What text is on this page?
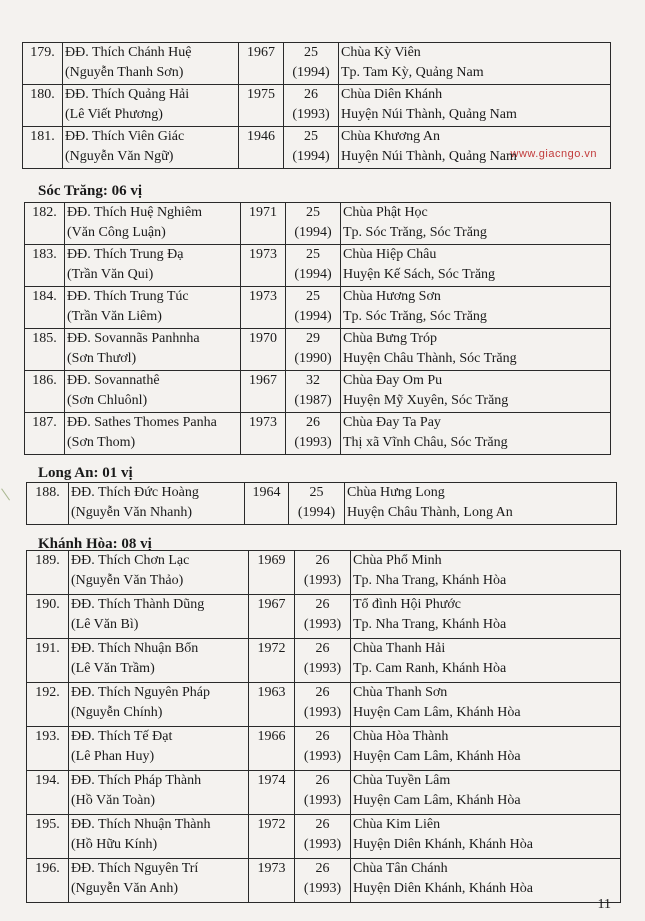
www.giacngo.vn
179.	ĐĐ. Thích Chánh Huệ
(Nguyễn Thanh Sơn)	1967	25
(1994)	Chùa Kỳ Viên
Tp. Tam Kỳ, Quảng Nam

180.	ĐĐ. Thích Quảng Hải
(Lê Viết Phương)	1975	26
(1993)	Chùa Diên Khánh
Huyện Núi Thành, Quảng Nam

181.	ĐĐ. Thích Viên Giác
(Nguyễn Văn Ngữ)	1946	25
(1994)	Chùa Khương An
Huyện Núi Thành, Quảng Nam
Sóc Trăng: 06 vị
182.	ĐĐ. Thích Huệ Nghiêm
(Văn Công Luận)	1971	25
(1994)	Chùa Phật Học
Tp. Sóc Trăng, Sóc Trăng

183.	ĐĐ. Thích Trung Đạ
(Trần Văn Qui)	1973	25
(1994)	Chùa Hiệp Châu
Huyện Kế Sách, Sóc Trăng

184.	ĐĐ. Thích Trung Túc
(Trần Văn Liêm)	1973	25
(1994)	Chùa Hương Sơn
Tp. Sóc Trăng, Sóc Trăng

185.	ĐĐ. Sovannãs Panhnha
(Sơn Thươl)	1970	29
(1990)	Chùa Bưng Tróp
Huyện Châu Thành, Sóc Trăng

186.	ĐĐ. Sovannathê
(Sơn Chluônl)	1967	32
(1987)	Chùa Đay Om Pu
Huyện Mỹ Xuyên, Sóc Trăng

187.	ĐĐ. Sathes Thomes Panha
(Sơn Thom)	1973	26
(1993)	Chùa Đay Ta Pay
Thị xã Vĩnh Châu, Sóc Trăng
Long An: 01 vị
188.	ĐĐ. Thích Đức Hoàng
(Nguyễn Văn Nhanh)
	1964	25
(1994)

Chùa Hưng Long
Huyện Châu Thành, Long An
Khánh Hòa: 08 vị
189.	ĐĐ. Thích Chơn Lạc
(Nguyễn Văn Thảo)	1969	26
(1993)	Chùa Phổ Minh
Tp. Nha Trang, Khánh Hòa

190.	ĐĐ. Thích Thành Dũng
(Lê Văn Bì)	1967	26
(1993)	Tổ đình Hội Phước
Tp. Nha Trang, Khánh Hòa

191.	ĐĐ. Thích Nhuận Bổn
(Lê Văn Trầm)	1972	26
(1993)	Chùa Thanh Hải
Tp. Cam Ranh, Khánh Hòa

192.	ĐĐ. Thích Nguyên Pháp
(Nguyễn Chính)	1963	26
(1993)	Chùa Thanh Sơn
Huyện Cam Lâm, Khánh Hòa

193.	ĐĐ. Thích Tế Đạt
(Lê Phan Huy)	1966	26
(1993)	Chùa Hòa Thành
Huyện Cam Lâm, Khánh Hòa

194.	ĐĐ. Thích Pháp Thành
(Hồ Văn Toàn)	1974	26
(1993)	Chùa Tuyền Lâm
Huyện Cam Lâm, Khánh Hòa

195.	ĐĐ. Thích Nhuận Thành
(Hồ Hữu Kính)	1972	26
(1993)	Chùa Kim Liên
Huyện Diên Khánh, Khánh Hòa

196.	ĐĐ. Thích Nguyên Trí
(Nguyễn Văn Anh)	1973	26
(1993)	Chùa Tân Chánh
Huyện Diên Khánh, Khánh Hòa
11
